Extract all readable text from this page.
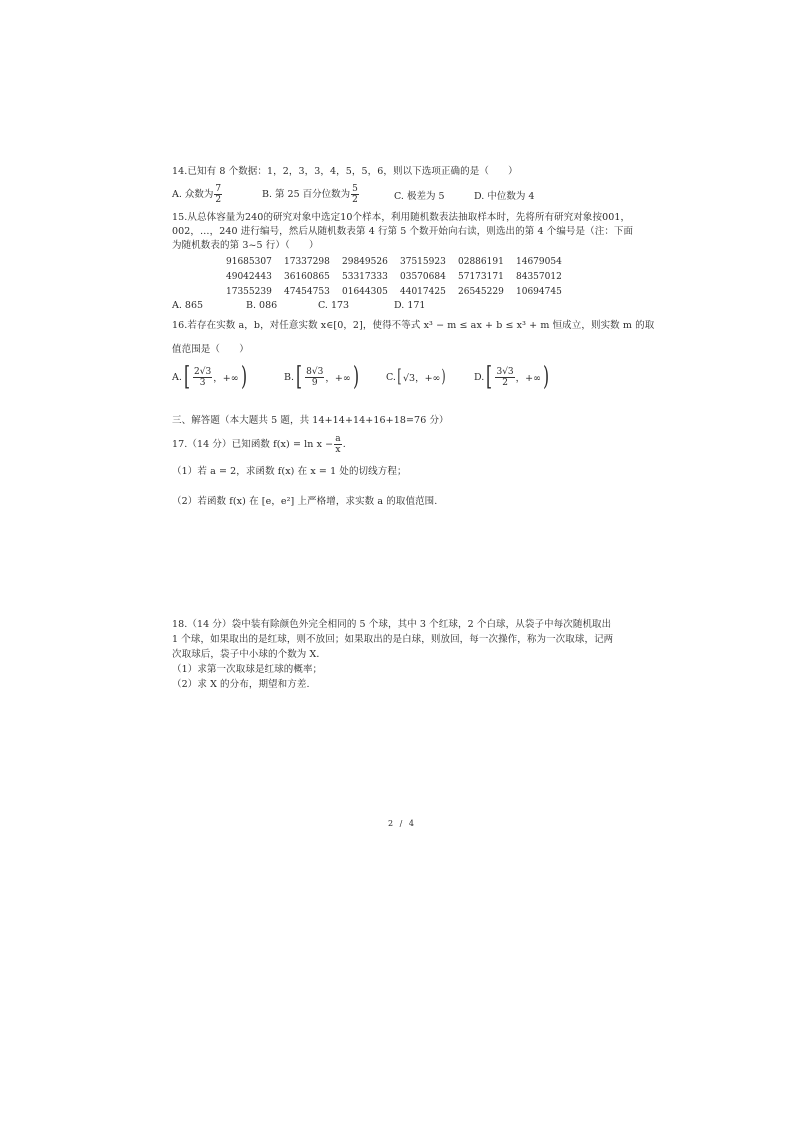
14.已知有 8 个数据：1，2，3，3，4，5，5，6，则以下选项正确的是（　　）
A. 众数为 $\frac{7}{2}$	B. 第 25 百分位数为 $\frac{5}{2}$	C. 极差为 5	D. 中位数为 4
15.从总体容量为240的研究对象中选定10个样本，利用随机数表法抽取样本时，先将所有研究对象按001，
002，…，240 进行编号，然后从随机数表第 4 行第 5 个数开始向右读，则选出的第 4 个编号是（注：下面
为随机数表的第 3~5 行）（　　）
91685307 17337298 29849526 37515923 02886191 14679054
49042443 36160865 53317333 03570684 57173171 84357012
17355239 47454753 01644305 44017425 26545229 10694745
A. 865	B. 086	C. 173	D. 171
16.若存在实数 a，b，对任意实数 x∈[0，2]，使得不等式 x³ − m ≤ ax + b ≤ x³ + m 恒成立，则实数 m 的取
值范围是（　　）
A. [ $\frac{2√3}{3}$ ，+∞ )	B. [ $\frac{8√3}{9}$ ，+∞ )	C. [ √3，+∞ )	D. [ $\frac{3√3}{2}$ ，+∞ )
三、解答题（本大题共 5 题，共 14+14+14+16+18=76 分）
17.（14 分）已知函数 $f(x) = \ln x - \frac{a}{x}$ .
（1）若 a = 2，求函数 f(x) 在 x = 1 处的切线方程；
（2）若函数 f(x) 在 [e，e²] 上严格增，求实数 a 的取值范围.
18.（14 分）袋中装有除颜色外完全相同的 5 个球，其中 3 个红球，2 个白球，从袋子中每次随机取出
1 个球，如果取出的是红球，则不放回；如果取出的是白球，则放回，每一次操作，称为一次取球，记两
次取球后，袋子中小球的个数为 X．
（1）求第一次取球是红球的概率；
（2）求 X 的分布，期望和方差.
2 / 4
